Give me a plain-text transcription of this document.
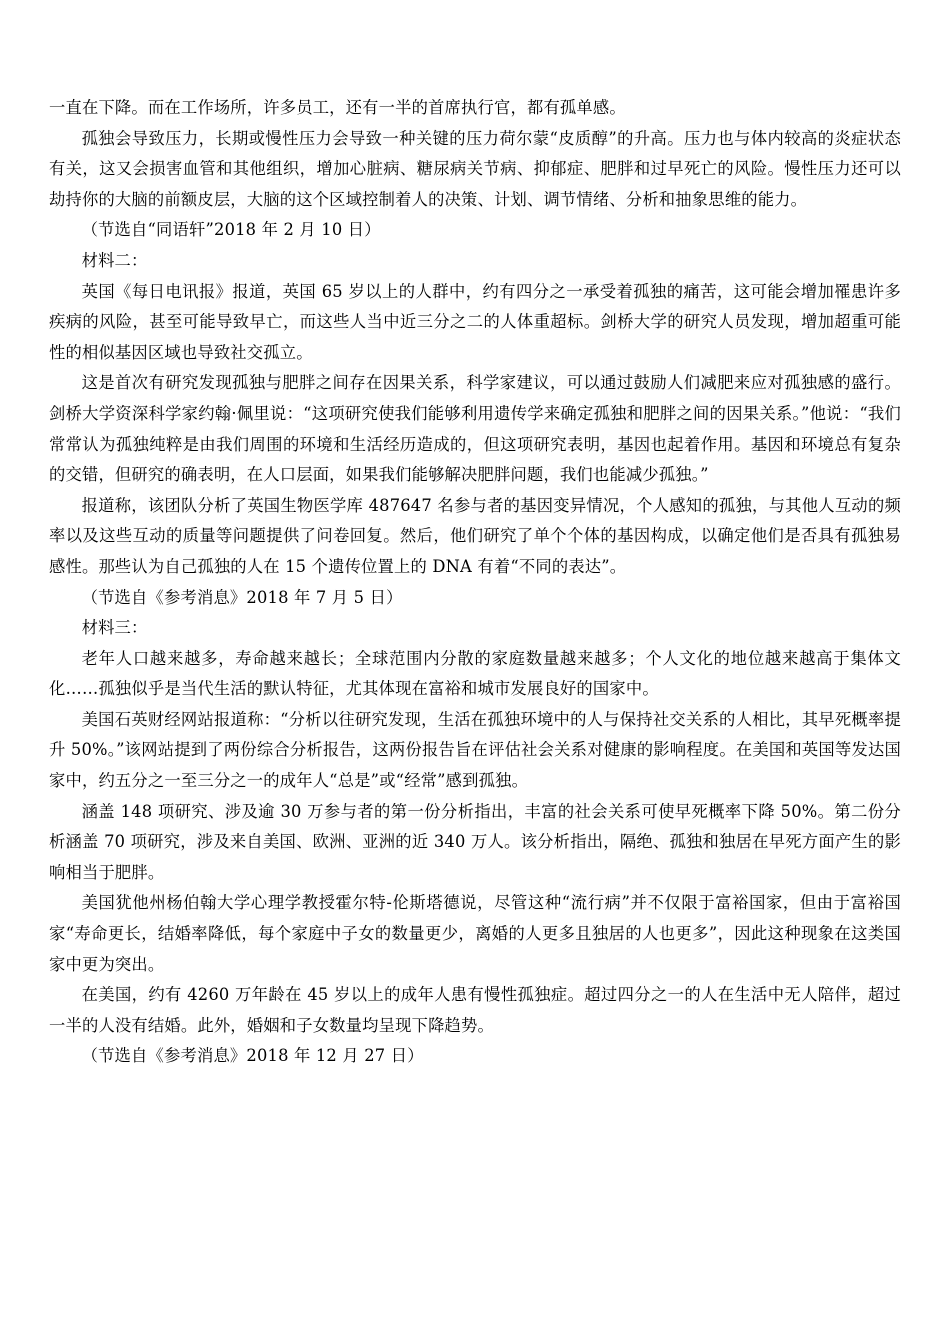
一直在下降。而在工作场所，许多员工，还有一半的首席执行官，都有孤单感。

孤独会导致压力，长期或慢性压力会导致一种关键的压力荷尔蒙“皮质醇”的升高。压力也与体内较高的炎症状态有关，这又会损害血管和其他组织，增加心脏病、糖尿病关节病、抑郁症、肥胖和过早死亡的风险。慢性压力还可以劫持你的大脑的前额皮层，大脑的这个区域控制着人的决策、计划、调节情绪、分析和抽象思维的能力。

（节选自“同语轩”2018 年 2 月 10 日）

材料二：

英国《每日电讯报》报道，英国 65 岁以上的人群中，约有四分之一承受着孤独的痛苦，这可能会增加罹患许多疾病的风险，甚至可能导致早亡，而这些人当中近三分之二的人体重超标。剑桥大学的研究人员发现，增加超重可能性的相似基因区域也导致社交孤立。

这是首次有研究发现孤独与肥胖之间存在因果关系，科学家建议，可以通过鼓励人们减肥来应对孤独感的盛行。剑桥大学资深科学家约翰·佩里说：“这项研究使我们能够利用遗传学来确定孤独和肥胖之间的因果关系。”他说：“我们常常认为孤独纯粹是由我们周围的环境和生活经历造成的，但这项研究表明，基因也起着作用。基因和环境总有复杂的交错，但研究的确表明，在人口层面，如果我们能够解决肥胖问题，我们也能减少孤独。”

报道称，该团队分析了英国生物医学库 487647 名参与者的基因变异情况，个人感知的孤独，与其他人互动的频率以及这些互动的质量等问题提供了问卷回复。然后，他们研究了单个个体的基因构成，以确定他们是否具有孤独易感性。那些认为自己孤独的人在 15 个遗传位置上的 DNA 有着“不同的表达”。

（节选自《参考消息》2018 年 7 月 5 日）

材料三：

老年人口越来越多，寿命越来越长；全球范围内分散的家庭数量越来越多；个人文化的地位越来越高于集体文化……孤独似乎是当代生活的默认特征，尤其体现在富裕和城市发展良好的国家中。

美国石英财经网站报道称：“分析以往研究发现，生活在孤独环境中的人与保持社交关系的人相比，其早死概率提升 50%。”该网站提到了两份综合分析报告，这两份报告旨在评估社会关系对健康的影响程度。在美国和英国等发达国家中，约五分之一至三分之一的成年人“总是”或“经常”感到孤独。

涵盖 148 项研究、涉及逾 30 万参与者的第一份分析指出，丰富的社会关系可使早死概率下降 50%。第二份分析涵盖 70 项研究，涉及来自美国、欧洲、亚洲的近 340 万人。该分析指出，隔绝、孤独和独居在早死方面产生的影响相当于肥胖。

美国犹他州杨伯翰大学心理学教授霍尔特-伦斯塔德说，尽管这种“流行病”并不仅限于富裕国家，但由于富裕国家“寿命更长，结婚率降低，每个家庭中子女的数量更少，离婚的人更多且独居的人也更多”，因此这种现象在这类国家中更为突出。

在美国，约有 4260 万年龄在 45 岁以上的成年人患有慢性孤独症。超过四分之一的人在生活中无人陪伴，超过一半的人没有结婚。此外，婚姻和子女数量均呈现下降趋势。

（节选自《参考消息》2018 年 12 月 27 日）
